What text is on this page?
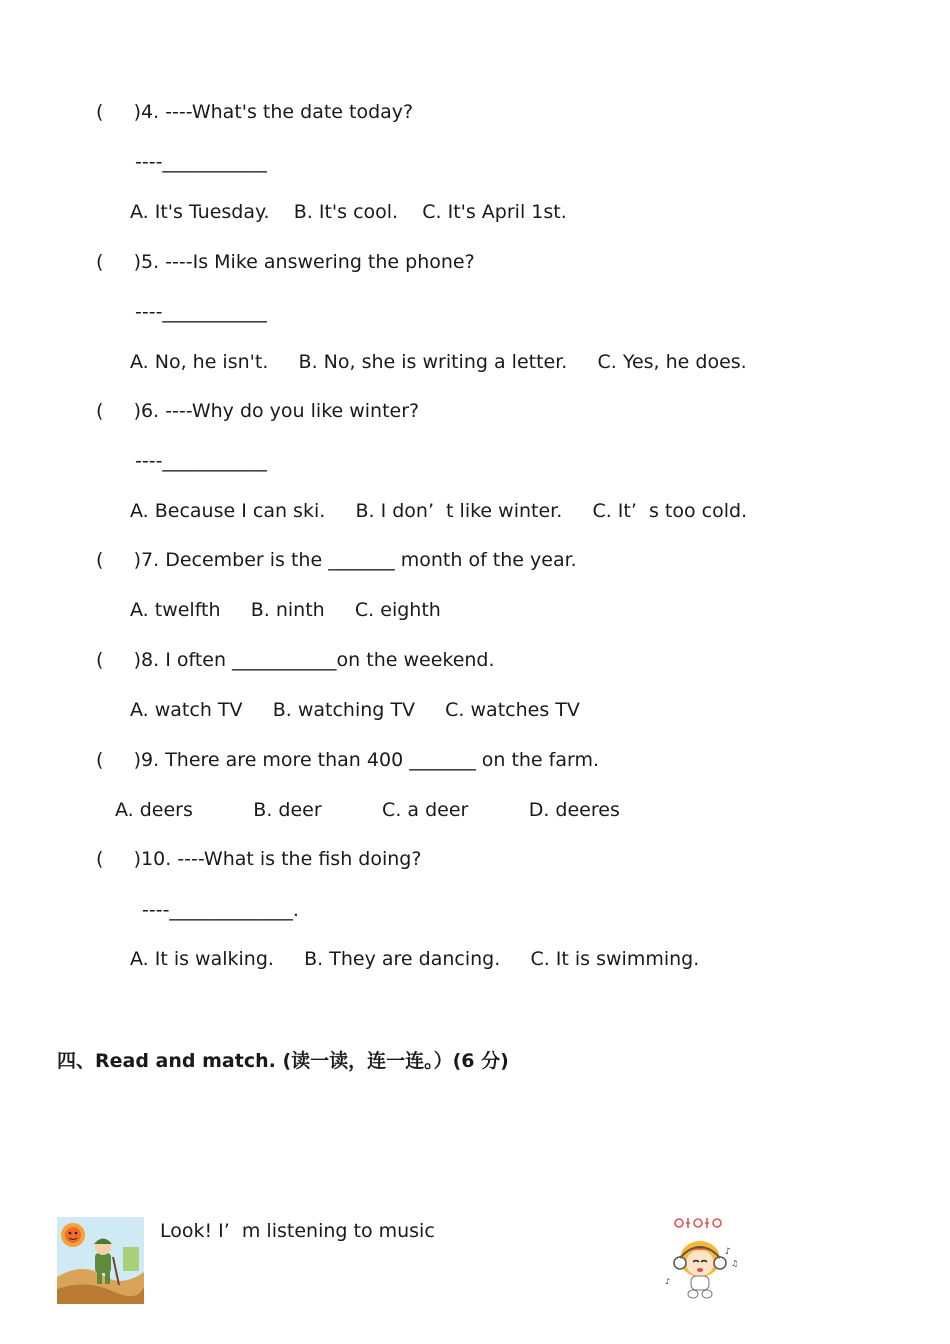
(     )4. ----What's the date today?
----___________
A. It's Tuesday.    B. It's cool.    C. It's April 1st.
(     )5. ----Is Mike answering the phone?
----___________
A. No, he isn't.     B. No, she is writing a letter.     C. Yes, he does.
(     )6. ----Why do you like winter?
----___________
A. Because I can ski.     B. I don’  t like winter.     C. It’  s too cold.
(     )7. December is the _______ month of the year.
A. twelfth     B. ninth     C. eighth
(     )8. I often ___________on the weekend.
A. watch TV     B. watching TV     C. watches TV
(     )9. There are more than 400 _______ on the farm.
A. deers          B. deer          C. a deer          D. deeres
(     )10. ----What is the fish doing?
----_____________.
A. It is walking.     B. They are dancing.     C. It is swimming.
四、Read and match. (读一读，连一连。）(6 分)
Look! I’  m listening to music
♪
♫
♪
